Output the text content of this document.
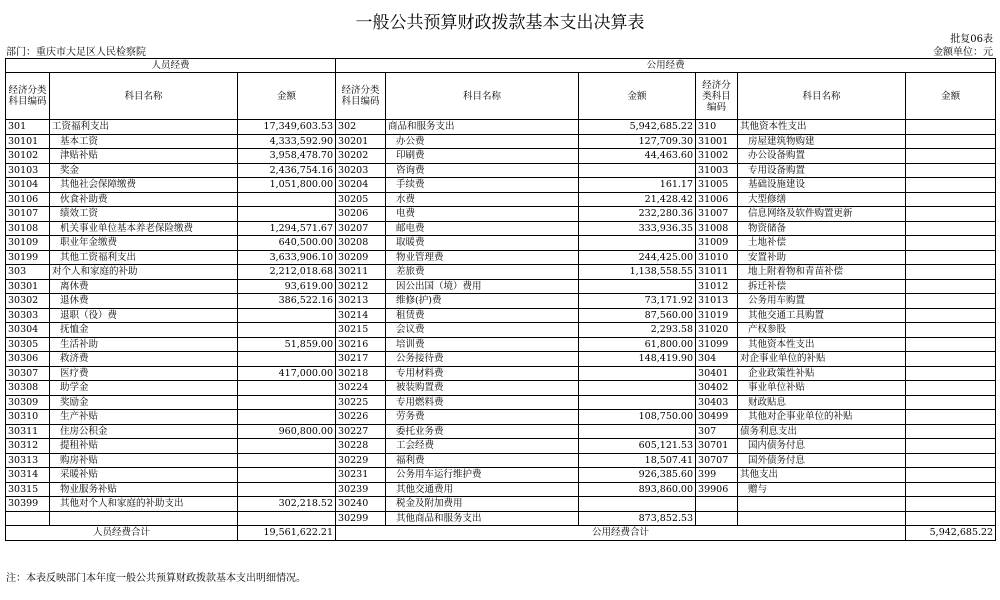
一般公共预算财政拨款基本支出决算表
批复06表
部门：重庆市大足区人民检察院	金额单位：元
人员经费			公用经费					
经济分类科目编码	科目名称	金额	经济分类科目编码	科目名称	金额	经济分类科目编码	科目名称	金额
301	工资福利支出	17,349,603.53	302	商品和服务支出	5,942,685.22	310	其他资本性支出	
30101	基本工资	4,333,592.90	30201	办公费	127,709.30	31001	房屋建筑物购建	
30102	津贴补贴	3,958,478.70	30202	印刷费	44,463.60	31002	办公设备购置	
30103	奖金	2,436,754.16	30203	咨询费		31003	专用设备购置	
30104	其他社会保障缴费	1,051,800.00	30204	手续费	161.17	31005	基础设施建设	
30106	伙食补助费		30205	水费	21,428.42	31006	大型修缮	
30107	绩效工资		30206	电费	232,280.36	31007	信息网络及软件购置更新	
30108	机关事业单位基本养老保险缴费	1,294,571.67	30207	邮电费	333,936.35	31008	物资储备	
30109	职业年金缴费	640,500.00	30208	取暖费		31009	土地补偿	
30199	其他工资福利支出	3,633,906.10	30209	物业管理费	244,425.00	31010	安置补助	
303	对个人和家庭的补助	2,212,018.68	30211	差旅费	1,138,558.55	31011	地上附着物和青苗补偿	
30301	离休费	93,619.00	30212	因公出国（境）费用		31012	拆迁补偿	
30302	退休费	386,522.16	30213	维修(护)费	73,171.92	31013	公务用车购置	
30303	退职（役）费		30214	租赁费	87,560.00	31019	其他交通工具购置	
30304	抚恤金		30215	会议费	2,293.58	31020	产权参股	
30305	生活补助	51,859.00	30216	培训费	61,800.00	31099	其他资本性支出	
30306	救济费		30217	公务接待费	148,419.90	304	对企事业单位的补贴	
30307	医疗费	417,000.00	30218	专用材料费		30401	企业政策性补贴	
30308	助学金		30224	被装购置费		30402	事业单位补贴	
30309	奖励金		30225	专用燃料费		30403	财政贴息	
30310	生产补贴		30226	劳务费	108,750.00	30499	其他对企事业单位的补贴	
30311	住房公积金	960,800.00	30227	委托业务费		307	债务利息支出	
30312	提租补贴		30228	工会经费	605,121.53	30701	国内债务付息	
30313	购房补贴		30229	福利费	18,507.41	30707	国外债务付息	
30314	采暖补贴		30231	公务用车运行维护费	926,385.60	399	其他支出	
30315	物业服务补贴		30239	其他交通费用	893,860.00	39906	赠与	
30399	其他对个人和家庭的补助支出	302,218.52	30240	税金及附加费用				
			30299	其他商品和服务支出	873,852.53			
人员经费合计		19,561,622.21	公用经费合计					5,942,685.22
注：本表反映部门本年度一般公共预算财政拨款基本支出明细情况。
